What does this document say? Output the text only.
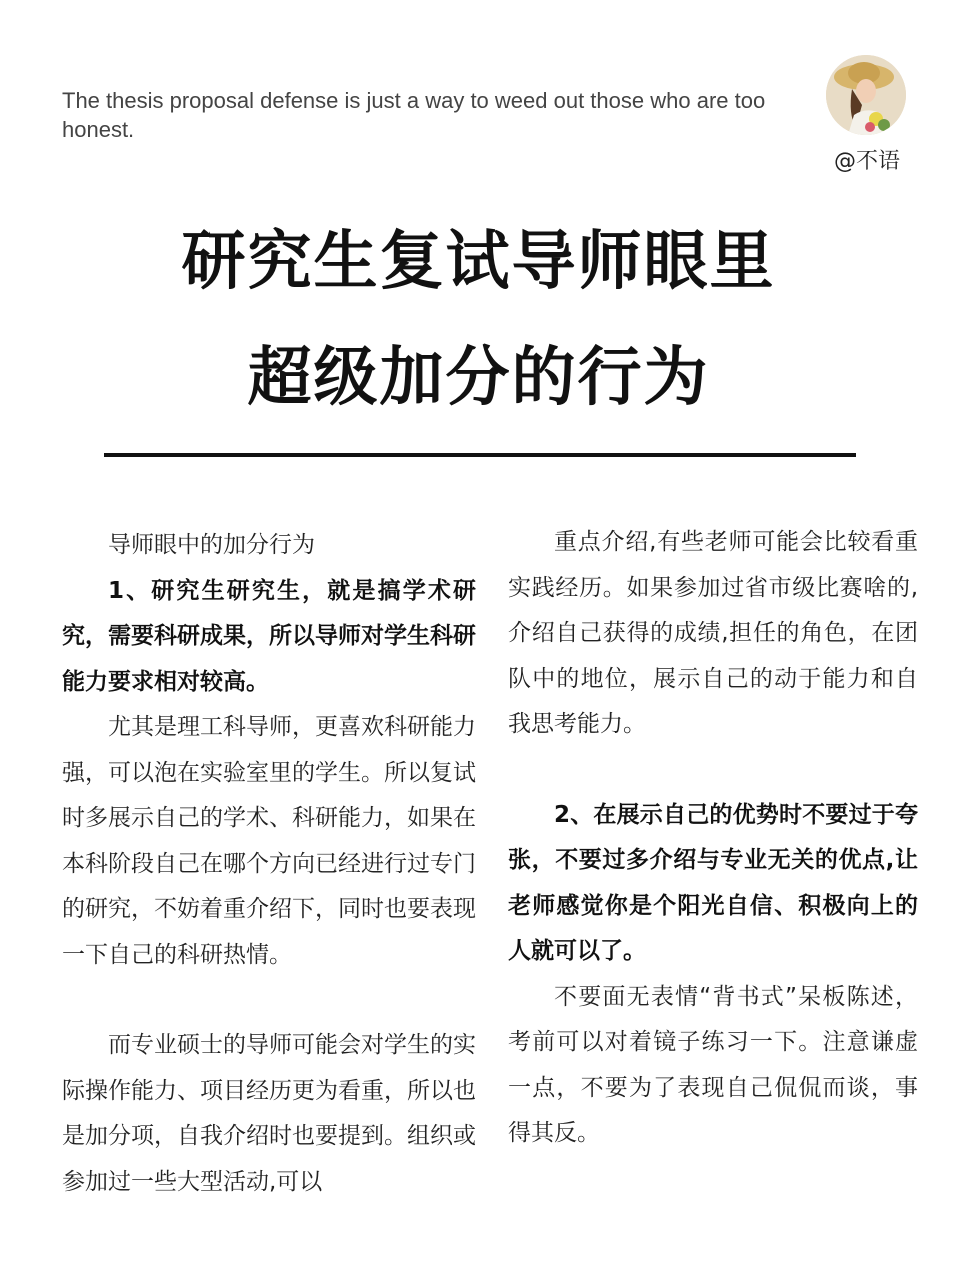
The thesis proposal defense is just a way to weed out those who are too honest.
@不语
研究生复试导师眼里
超级加分的行为

导师眼中的加分行为

1、研究生研究生，就是搞学术研究，需要科研成果，所以导师对学生科研能力要求相对较高。

尤其是理工科导师，更喜欢科研能力强，可以泡在实验室里的学生。所以复试时多展示自己的学术、科研能力，如果在本科阶段自己在哪个方向已经进行过专门的研究，不妨着重介绍下，同时也要表现一下自己的科研热情。

而专业硕士的导师可能会对学生的实际操作能力、项目经历更为看重，所以也是加分项，自我介绍时也要提到。组织或参加过一些大型活动,可以

重点介绍,有些老师可能会比较看重实践经历。如果参加过省市级比赛啥的,介绍自己获得的成绩,担任的角色，在团队中的地位，展示自己的动于能力和自我思考能力。

2、在展示自己的优势时不要过于夸张，不要过多介绍与专业无关的优点,让老师感觉你是个阳光自信、积极向上的人就可以了。

不要面无表情“背书式”呆板陈述，考前可以对着镜子练习一下。注意谦虚一点，不要为了表现自己侃侃而谈，事得其反。
